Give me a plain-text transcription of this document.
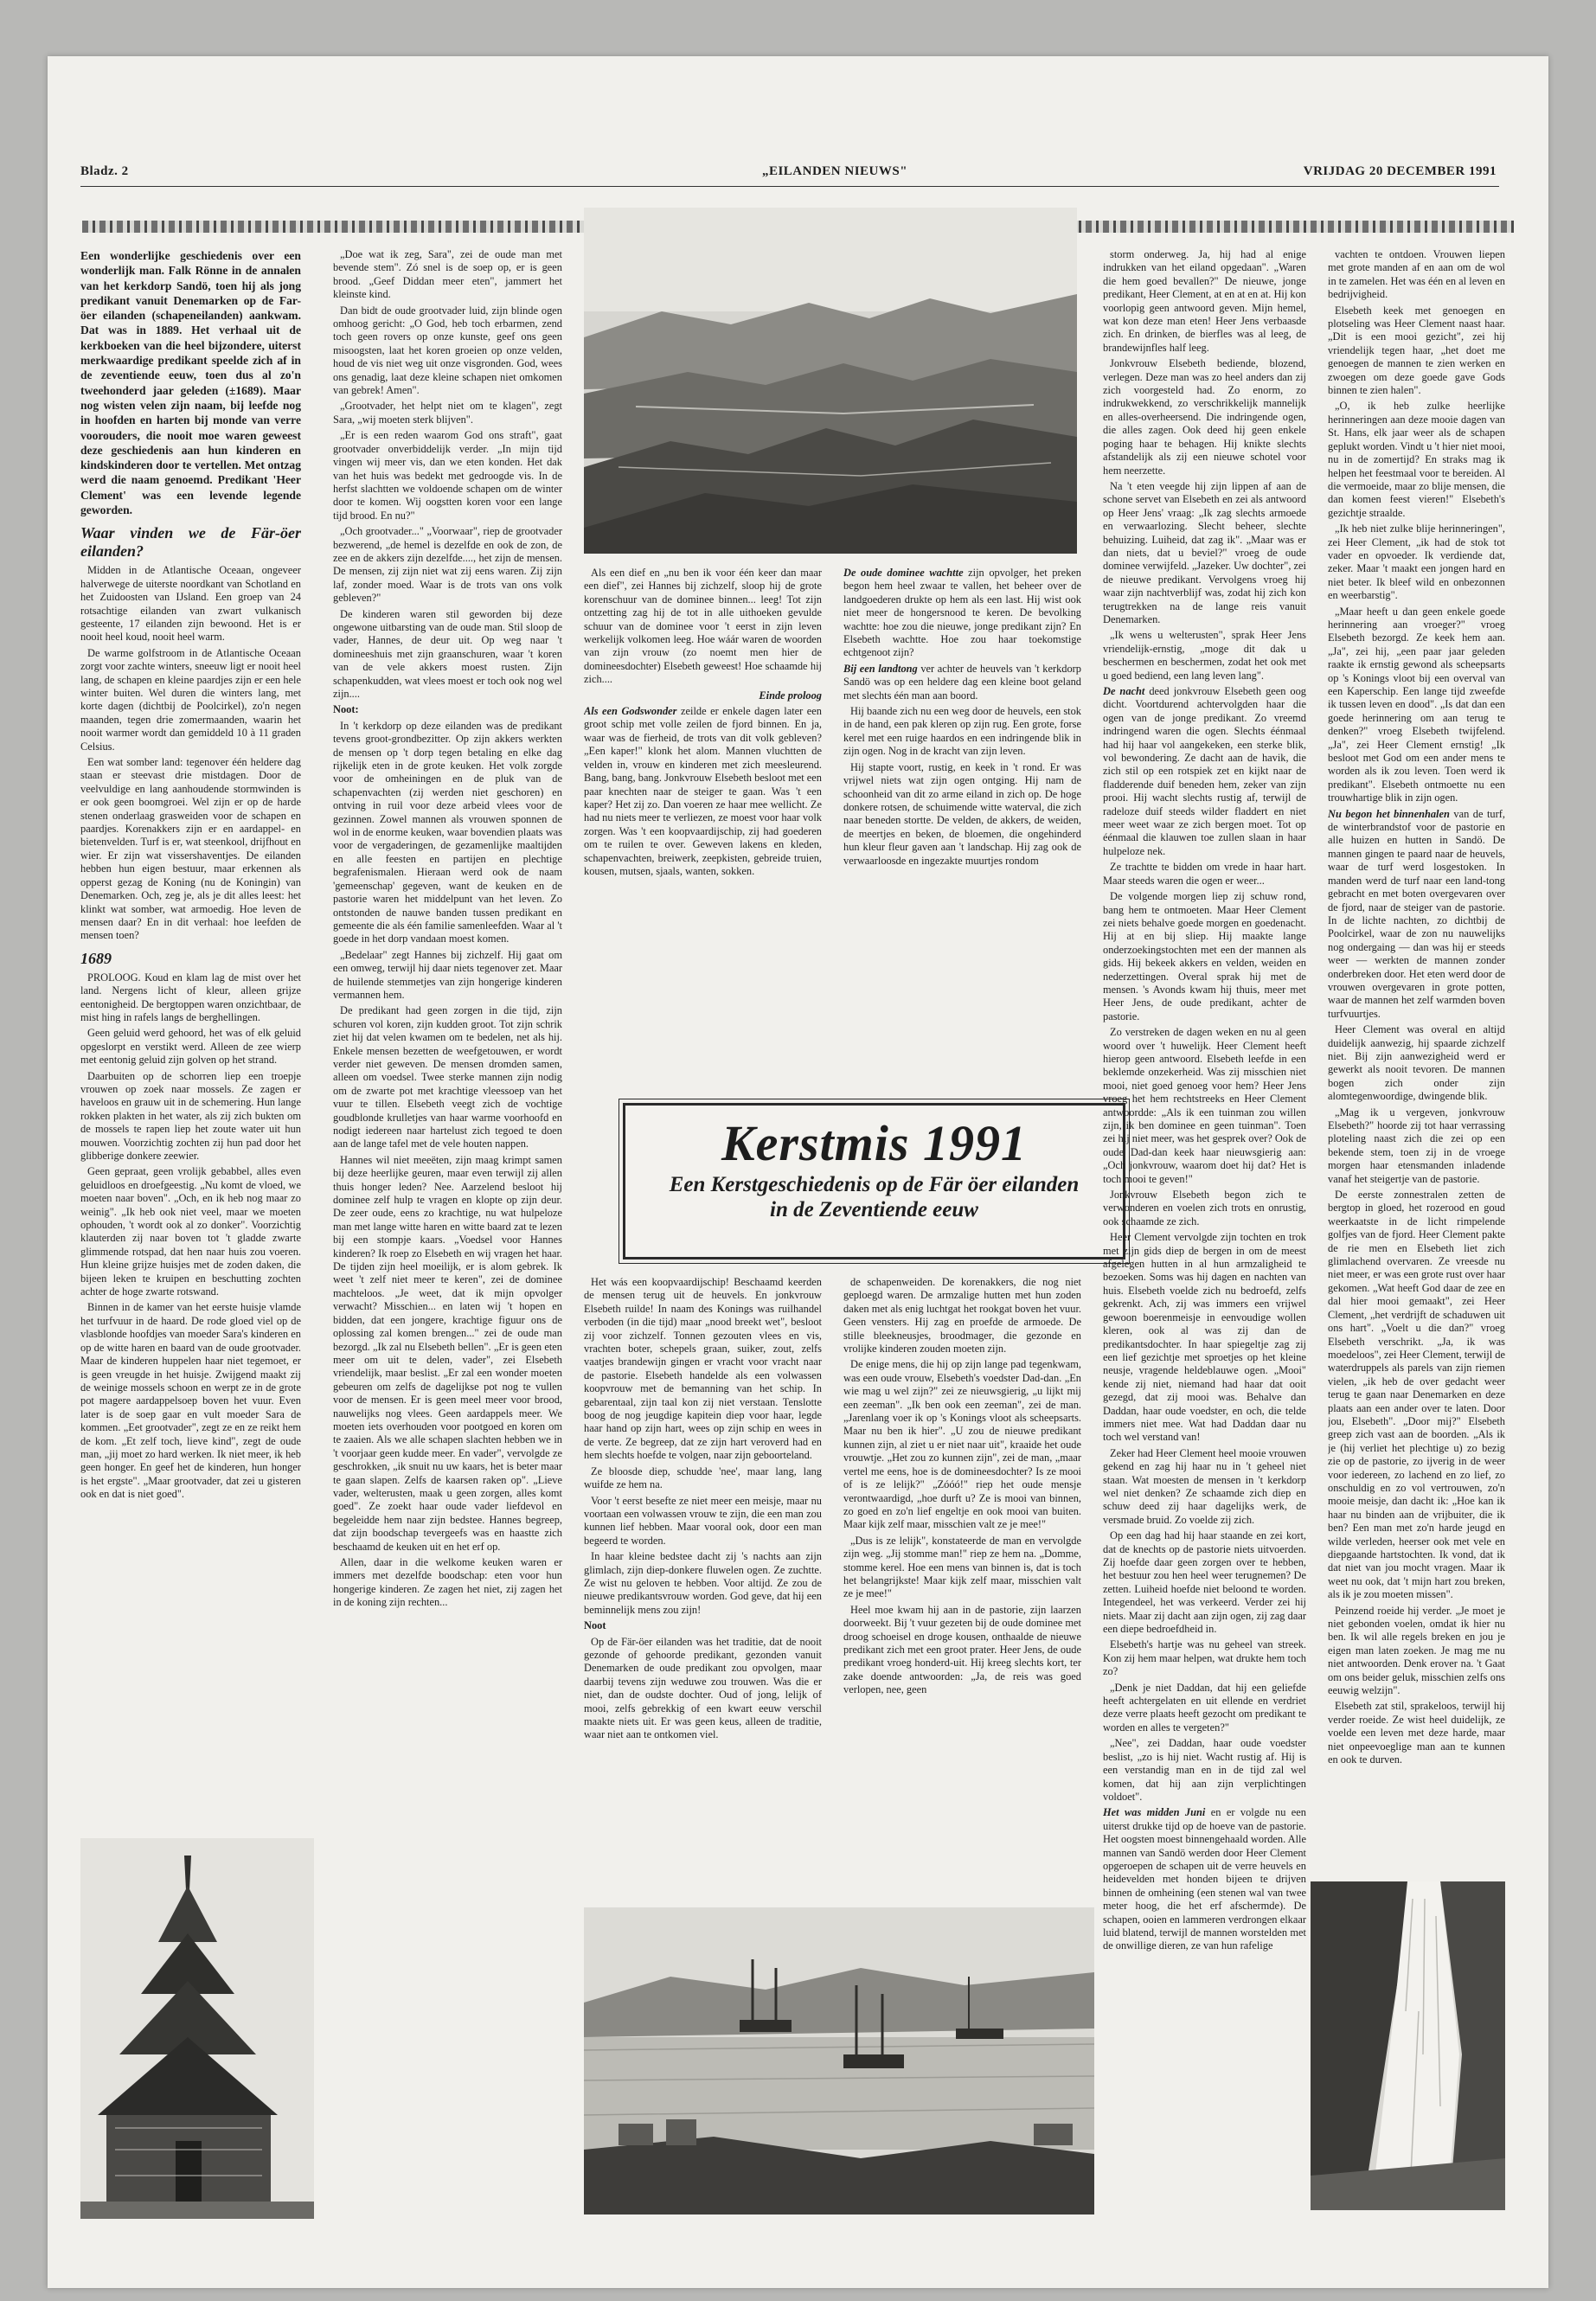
Bladz. 2	„EILANDEN NIEUWS"	VRIJDAG 20 DECEMBER 1991

Een wonderlijke geschiedenis over een wonderlijk man. Falk Rönne in de annalen van het kerkdorp Sandö, toen hij als jong predikant vanuit Denemarken op de Far-öer eilanden (schapeneilanden) aankwam. Dat was in 1889. Het verhaal uit de kerkboeken van die heel bijzondere, uiterst merkwaardige predikant speelde zich af in de zeventiende eeuw, toen dus al zo'n tweehonderd jaar geleden (±1689). Maar nog wisten velen zijn naam, bij leefde nog in hoofden en harten bij monde van verre voorouders, die nooit moe waren geweest deze geschiedenis aan hun kinderen en kindskinderen door te vertellen. Met ontzag werd die naam genoemd. Predikant 'Heer Clement' was een levende legende geworden.

Waar vinden we de Fär-öer eilanden?

Midden in de Atlantische Oceaan, ongeveer halverwege de uiterste noordkant van Schotland en het Zuidoosten van IJsland. Een groep van 24 rotsachtige eilanden van zwart vulkanisch gesteente, 17 eilanden zijn bewoond. Het is er nooit heel koud, nooit heel warm.

De warme golfstroom in de Atlantische Oceaan zorgt voor zachte winters, sneeuw ligt er nooit heel lang, de schapen en kleine paardjes zijn er een hele winter buiten. Wel duren die winters lang, met korte dagen (dichtbij de Poolcirkel), zo'n negen maanden, tegen drie zomermaanden, waarin het nooit warmer wordt dan gemiddeld 10 à 11 graden Celsius.

Een wat somber land: tegenover één heldere dag staan er steevast drie mistdagen. Door de veelvuldige en lang aanhoudende stormwinden is er ook geen boomgroei. Wel zijn er op de harde stenen onderlaag grasweiden voor de schapen en paardjes. Korenakkers zijn er en aardappel- en bietenvelden. Turf is er, wat steenkool, drijfhout en wier. Er zijn wat vissershaventjes. De eilanden hebben hun eigen bestuur, maar erkennen als opperst gezag de Koning (nu de Koningin) van Denemarken. Och, zeg je, als je dit alles leest: het klinkt wat somber, wat armoedig. Hoe leven de mensen daar? En in dit verhaal: hoe leefden de mensen toen?

1689

PROLOOG. Koud en klam lag de mist over het land. Nergens licht of kleur, alleen grijze eentonigheid. De bergtoppen waren onzichtbaar, de mist hing in rafels langs de berghellingen.

Geen geluid werd gehoord, het was of elk geluid opgeslorpt en verstikt werd. Alleen de zee wierp met eentonig geluid zijn golven op het strand.

Daarbuiten op de schorren liep een troepje vrouwen op zoek naar mossels. Ze zagen er haveloos en grauw uit in de schemering. Hun lange rokken plakten in het water, als zij zich bukten om de mossels te rapen liep het zoute water uit hun mouwen. Voorzichtig zochten zij hun pad door het glibberige donkere zeewier.

Geen gepraat, geen vrolijk gebabbel, alles even geluidloos en droefgeestig. „Nu komt de vloed, we moeten naar boven". „Och, en ik heb nog maar zo weinig". „Ik heb ook niet veel, maar we moeten ophouden, 't wordt ook al zo donker". Voorzichtig klauterden zij naar boven tot 't gladde zwarte glimmende rotspad, dat hen naar huis zou voeren. Hun kleine grijze huisjes met de zoden daken, die bijeen leken te kruipen en beschutting zochten achter de hoge zwarte rotswand.

Binnen in de kamer van het eerste huisje vlamde het turfvuur in de haard. De rode gloed viel op de vlasblonde hoofdjes van moeder Sara's kinderen en op de witte haren en baard van de oude grootvader. Maar de kinderen huppelen haar niet tegemoet, er is geen vreugde in het huisje. Zwijgend maakt zij de weinige mossels schoon en werpt ze in de grote pot magere aardappelsoep boven het vuur. Even later is de soep gaar en vult moeder Sara de kommen. „Eet grootvader", zegt ze en ze reikt hem de kom. „Et zelf toch, lieve kind", zegt de oude man, „jij moet zo hard werken. Ik niet meer, ik heb geen honger. En geef het de kinderen, hun honger is het ergste". „Maar grootvader, dat zei u gisteren ook en dat is niet goed".

„Doe wat ik zeg, Sara", zei de oude man met bevende stem". Zó snel is de soep op, er is geen brood. „Geef Diddan meer eten", jammert het kleinste kind.

Dan bidt de oude grootvader luid, zijn blinde ogen omhoog gericht: „O God, heb toch erbarmen, zend toch geen rovers op onze kunste, geef ons geen misoogsten, laat het koren groeien op onze velden, houd de vis niet weg uit onze visgronden. God, wees ons genadig, laat deze kleine schapen niet omkomen van gebrek! Amen".

„Grootvader, het helpt niet om te klagen", zegt Sara, „wij moeten sterk blijven".

„Er is een reden waarom God ons straft", gaat grootvader onverbiddelijk verder. „In mijn tijd vingen wij meer vis, dan we eten konden. Het dak van het huis was bedekt met gedroogde vis. In de herfst slachtten we voldoende schapen om de winter door te komen. Wij oogstten koren voor een lange tijd brood. En nu?"

„Och grootvader..." „Voorwaar", riep de grootvader bezwerend, „de hemel is dezelfde en ook de zon, de zee en de akkers zijn dezelfde...., het zijn de mensen. De mensen, zij zijn niet wat zij eens waren. Zij zijn laf, zonder moed. Waar is de trots van ons volk gebleven?"

De kinderen waren stil geworden bij deze ongewone uitbarsting van de oude man. Stil sloop de vader, Hannes, de deur uit. Op weg naar 't domineeshuis met zijn graanschuren, waar 't koren van de vele akkers moest rusten. Zijn schapenkudden, wat vlees moest er toch ook nog wel zijn....

Noot:

In 't kerkdorp op deze eilanden was de predikant tevens groot-grondbezitter. Op zijn akkers werkten de mensen op 't dorp tegen betaling en elke dag rijkelijk eten in de grote keuken. Het volk zorgde voor de omheiningen en de pluk van de schapenvachten (zij werden niet geschoren) en ontving in ruil voor deze arbeid vlees voor de gezinnen. Zowel mannen als vrouwen sponnen de wol in de enorme keuken, waar bovendien plaats was voor de vergaderingen, de gezamenlijke maaltijden en alle feesten en partijen en plechtige begrafenismalen. Hieraan werd ook de naam 'gemeenschap' gegeven, want de keuken en de pastorie waren het middelpunt van het leven. Zo ontstonden de nauwe banden tussen predikant en gemeente die als één familie samenleefden. Waar al 't goede in het dorp vandaan moest komen.

„Bedelaar" zegt Hannes bij zichzelf. Hij gaat om een omweg, terwijl hij daar niets tegenover zet. Maar de huilende stemmetjes van zijn hongerige kinderen vermannen hem.

De predikant had geen zorgen in die tijd, zijn schuren vol koren, zijn kudden groot. Tot zijn schrik ziet hij dat velen kwamen om te bedelen, net als hij. Enkele mensen bezetten de weefgetouwen, er wordt verder niet geweven. De mensen dromden samen, alleen om voedsel. Twee sterke mannen zijn nodig om de zwarte pot met krachtige vleessoep van het vuur te tillen. Elsebeth veegt zich de vochtige goudblonde krulletjes van haar warme voorhoofd en nodigt iedereen naar hartelust zich tegoed te doen aan de lange tafel met de vele houten nappen.

Hannes wil niet meeëten, zijn maag krimpt samen bij deze heerlijke geuren, maar even terwijl zij allen thuis honger leden? Nee. Aarzelend besloot hij dominee zelf hulp te vragen en klopte op zijn deur. De zeer oude, eens zo krachtige, nu wat hulpeloze man met lange witte haren en witte baard zat te lezen bij een stompje kaars. „Voedsel voor Hannes kinderen? Ik roep zo Elsebeth en wij vragen het haar. De tijden zijn heel moeilijk, er is alom gebrek. Ik weet 't zelf niet meer te keren", zei de dominee machteloos. „Je weet, dat ik mijn opvolger verwacht? Misschien... en laten wij 't hopen en bidden, dat een jongere, krachtige figuur ons de oplossing zal komen brengen..." zei de oude man bezorgd. „Ik zal nu Elsebeth bellen". „Er is geen eten meer om uit te delen, vader", zei Elsebeth vriendelijk, maar beslist. „Er zal een wonder moeten gebeuren om zelfs de dagelijkse pot nog te vullen voor de mensen. Er is geen meel meer voor brood, nauwelijks nog vlees. Geen aardappels meer. We moeten iets overhouden voor pootgoed en koren om te zaaien. Als we alle schapen slachten hebben we in 't voorjaar geen kudde meer. En vader", vervolgde ze geschrokken, „ik snuit nu uw kaars, het is beter maar te gaan slapen. Zelfs de kaarsen raken op". „Lieve vader, welterusten, maak u geen zorgen, alles komt goed". Ze zoekt haar oude vader liefdevol en begeleidde hem naar zijn bedstee. Hannes begreep, dat zijn boodschap tevergeefs was en haastte zich beschaamd de keuken uit en het erf op.

Allen, daar in die welkome keuken waren er immers met dezelfde boodschap: eten voor hun hongerige kinderen. Ze zagen het niet, zij zagen het in de koning zijn rechten...

Als een dief en „nu ben ik voor één keer dan maar een dief", zei Hannes bij zichzelf, sloop hij de grote korenschuur van de dominee binnen... leeg! Tot zijn ontzetting zag hij de tot in alle uithoeken gevulde schuur van de dominee voor 't eerst in zijn leven werkelijk volkomen leeg. Hoe wáár waren de woorden van zijn vrouw (zo noemt men hier de domineesdochter) Elsebeth geweest! Hoe schaamde hij zich....

Einde proloog

Als een Godswonder zeilde er enkele dagen later een groot schip met volle zeilen de fjord binnen. En ja, waar was de fierheid, de trots van dit volk gebleven? „Een kaper!" klonk het alom. Mannen vluchtten de velden in, vrouw en kinderen met zich meesleurend. Bang, bang, bang. Jonkvrouw Elsebeth besloot met een paar knechten naar de steiger te gaan. Was 't een kaper? Het zij zo. Dan voeren ze haar mee wellicht. Ze had nu niets meer te verliezen, ze moest voor haar volk zorgen. Was 't een koopvaardijschip, zij had goederen om te ruilen te over. Geweven lakens en kleden, schapenvachten, breiwerk, zeepkisten, gebreide truien, kousen, mutsen, sjaals, wanten, sokken.

De oude dominee wachtte zijn opvolger, het preken begon hem heel zwaar te vallen, het beheer over de landgoederen drukte op hem als een last. Hij wist ook niet meer de hongersnood te keren. De bevolking wachtte: hoe zou die nieuwe, jonge predikant zijn? En Elsebeth wachtte. Hoe zou haar toekomstige echtgenoot zijn?

Bij een landtong ver achter de heuvels van 't kerkdorp Sandö was op een heldere dag een kleine boot geland met slechts één man aan boord.

Hij baande zich nu een weg door de heuvels, een stok in de hand, een pak kleren op zijn rug. Een grote, forse kerel met een ruige haardos en een indringende blik in zijn ogen. Nog in de kracht van zijn leven.

Hij stapte voort, rustig, en keek in 't rond. Er was vrijwel niets wat zijn ogen ontging. Hij nam de schoonheid van dit zo arme eiland in zich op. De hoge donkere rotsen, de schuimende witte waterval, die zich naar beneden stortte. De velden, de akkers, de weiden, de meertjes en beken, de bloemen, die ongehinderd hun kleur fleur gaven aan 't landschap. Hij zag ook de verwaarloosde en ingezakte muurtjes rondom

Kerstmis 1991
Een Kerstgeschiedenis op de Fär öer eilanden
in de Zeventiende eeuw

Het wás een koopvaardijschip! Beschaamd keerden de mensen terug uit de heuvels. En jonkvrouw Elsebeth ruilde! In naam des Konings was ruilhandel verboden (in die tijd) maar „nood breekt wet", besloot zij voor zichzelf. Tonnen gezouten vlees en vis, vrachten boter, schepels graan, suiker, zout, zelfs vaatjes brandewijn gingen er vracht voor vracht naar de pastorie. Elsebeth handelde als een volwassen koopvrouw met de bemanning van het schip. In gebarentaal, zijn taal kon zij niet verstaan. Tenslotte boog de nog jeugdige kapitein diep voor haar, legde haar hand op zijn hart, wees op zijn schip en wees in de verte. Ze begreep, dat ze zijn hart veroverd had en hem slechts hoefde te volgen, naar zijn geboorteland.

Ze bloosde diep, schudde 'nee', maar lang, lang wuifde ze hem na.

Voor 't eerst besefte ze niet meer een meisje, maar nu voortaan een volwassen vrouw te zijn, die een man zou kunnen lief hebben. Maar vooral ook, door een man begeerd te worden.

In haar kleine bedstee dacht zij 's nachts aan zijn glimlach, zijn diep-donkere fluwelen ogen. Ze zuchtte. Ze wist nu geloven te hebben. Voor altijd. Ze zou de nieuwe predikantsvrouw worden. God geve, dat hij een beminnelijk mens zou zijn!

Noot

Op de Fär-öer eilanden was het traditie, dat de nooit gezonde of gehoorde predikant, gezonden vanuit Denemarken de oude predikant zou opvolgen, maar daarbij tevens zijn weduwe zou trouwen. Was die er niet, dan de oudste dochter. Oud of jong, lelijk of mooi, zelfs gebrekkig of een kwart eeuw verschil maakte niets uit. Er was geen keus, alleen de traditie, waar niet aan te ontkomen viel.

de schapenweiden. De korenakkers, die nog niet geploegd waren. De armzalige hutten met hun zoden daken met als enig luchtgat het rookgat boven het vuur. Geen vensters. Hij zag en proefde de armoede. De stille bleekneusjes, broodmager, die gezonde en vrolijke kinderen zouden moeten zijn.

De enige mens, die hij op zijn lange pad tegenkwam, was een oude vrouw, Elsebeth's voedster Dad-dan. „En wie mag u wel zijn?" zei ze nieuwsgierig, „u lijkt mij een zeeman". „Ik ben ook een zeeman", zei de man. „Jarenlang voer ik op 's Konings vloot als scheepsarts. Maar nu ben ik hier". „U zou de nieuwe predikant kunnen zijn, al ziet u er niet naar uit", kraaide het oude vrouwtje. „Het zou zo kunnen zijn", zei de man, „maar vertel me eens, hoe is de domineesdochter? Is ze mooi of is ze lelijk?" „Zóóó!" riep het oude mensje verontwaardigd, „hoe durft u? Ze is mooi van binnen, zo goed en zo'n lief engeltje en ook mooi van buiten. Maar kijk zelf maar, misschien valt ze je mee!"

„Dus is ze lelijk", konstateerde de man en vervolgde zijn weg. „Jij stomme man!" riep ze hem na. „Domme, stomme kerel. Hoe een mens van binnen is, dat is toch het belangrijkste! Maar kijk zelf maar, misschien valt ze je mee!"

Heel moe kwam hij aan in de pastorie, zijn laarzen doorweekt. Bij 't vuur gezeten bij de oude dominee met droog schoeisel en droge kousen, onthaalde de nieuwe predikant zich met een groot prater. Heer Jens, de oude predikant vroeg honderd-uit. Hij kreeg slechts kort, ter zake doende antwoorden: „Ja, de reis was goed verlopen, nee, geen

storm onderweg. Ja, hij had al enige indrukken van het eiland opgedaan". „Waren die hem goed bevallen?" De nieuwe, jonge predikant, Heer Clement, at en at en at. Hij kon voorlopig geen antwoord geven. Mijn hemel, wat kon deze man eten! Heer Jens verbaasde zich. En drinken, de bierfles was al leeg, de brandewijnfles half leeg.

Jonkvrouw Elsebeth bediende, blozend, verlegen. Deze man was zo heel anders dan zij zich voorgesteld had. Zo enorm, zo indrukwekkend, zo verschrikkelijk mannelijk en alles-overheersend. Die indringende ogen, die alles zagen. Ook deed hij geen enkele poging haar te behagen. Hij knikte slechts afstandelijk als zij een nieuwe schotel voor hem neerzette.

Na 't eten veegde hij zijn lippen af aan de schone servet van Elsebeth en zei als antwoord op Heer Jens' vraag: „Ik zag slechts armoede en verwaarlozing. Slecht beheer, slechte behuizing. Luiheid, dat zag ik". „Maar was er dan niets, dat u beviel?" vroeg de oude dominee verwijfeld. „Jazeker. Uw dochter", zei de nieuwe predikant. Vervolgens vroeg hij waar zijn nachtverblijf was, zodat hij zich kon terugtrekken na de lange reis vanuit Denemarken.

„Ik wens u welterusten", sprak Heer Jens vriendelijk-ernstig, „moge dit dak u beschermen en beschermen, zodat het ook met u goed bediend, een lang leven lang".

De nacht deed jonkvrouw Elsebeth geen oog dicht. Voortdurend achtervolgden haar die ogen van de jonge predikant. Zo vreemd indringend waren die ogen. Slechts éénmaal had hij haar vol aangekeken, een sterke blik, vol bewondering. Ze dacht aan de havik, die zich stil op een rotspiek zet en kijkt naar de fladderende duif beneden hem, zeker van zijn prooi. Hij wacht slechts rustig af, terwijl de radeloze duif steeds wilder fladdert en niet meer weet waar ze zich bergen moet. Tot op éénmaal die klauwen toe zullen slaan in haar hulpeloze nek.

Ze trachtte te bidden om vrede in haar hart. Maar steeds waren die ogen er weer...

De volgende morgen liep zij schuw rond, bang hem te ontmoeten. Maar Heer Clement zei niets behalve goede morgen en goedenacht. Hij at en bij sliep. Hij maakte lange onderzoekingstochten met een der mannen als gids. Hij bekeek akkers en velden, weiden en nederzettingen. Overal sprak hij met de mensen. 's Avonds kwam hij thuis, meer met Heer Jens, de oude predikant, achter de pastorie.

Zo verstreken de dagen weken en nu al geen woord over 't huwelijk. Heer Clement heeft hierop geen antwoord. Elsebeth leefde in een beklemde onzekerheid. Was zij misschien niet mooi, niet goed genoeg voor hem? Heer Jens vroeg het hem rechtstreeks en Heer Clement antwoordde: „Als ik een tuinman zou willen zijn, ik ben dominee en geen tuinman". Toen zei hij niet meer, was het gesprek over? Ook de oude Dad-dan keek haar nieuwsgierig aan: „Och jonkvrouw, waarom doet hij dat? Het is toch mooi te geven!"

Jonkvrouw Elsebeth begon zich te verwonderen en voelen zich trots en onrustig, ook schaamde ze zich.

Heer Clement vervolgde zijn tochten en trok met zijn gids diep de bergen in om de meest afgelegen hutten in al hun armzaligheid te bezoeken. Soms was hij dagen en nachten van huis. Elsebeth voelde zich nu bedroefd, zelfs gekrenkt. Ach, zij was immers een vrijwel gewoon boerenmeisje in eenvoudige wollen kleren, ook al was zij dan de predikantsdochter. In haar spiegeltje zag zij een lief gezichtje met sproetjes op het kleine neusje, vragende heldeblauwe ogen. „Mooi" kende zij niet, niemand had haar dat ooit gezegd, dat zij mooi was. Behalve dan Daddan, haar oude voedster, en och, die telde immers niet mee. Wat had Daddan daar nu toch wel verstand van!

Zeker had Heer Clement heel mooie vrouwen gekend en zag hij haar nu in 't geheel niet staan. Wat moesten de mensen in 't kerkdorp wel niet denken? Ze schaamde zich diep en schuw deed zij haar dagelijks werk, de versmade bruid. Zo voelde zij zich.

Op een dag had hij haar staande en zei kort, dat de knechts op de pastorie niets uitvoerden. Zij hoefde daar geen zorgen over te hebben, het bestuur zou hen heel weer terugnemen? De zetten. Luiheid hoefde niet beloond te worden. Integendeel, het was verkeerd. Verder zei hij niets. Maar zij dacht aan zijn ogen, zij zag daar een diepe bedroefdheid in.

Elsebeth's hartje was nu geheel van streek. Kon zij hem maar helpen, wat drukte hem toch zo?

„Denk je niet Daddan, dat hij een geliefde heeft achtergelaten en uit ellende en verdriet deze verre plaats heeft gezocht om predikant te worden en alles te vergeten?"

„Nee", zei Daddan, haar oude voedster beslist, „zo is hij niet. Wacht rustig af. Hij is een verstandig man en in de tijd zal wel komen, dat hij aan zijn verplichtingen voldoet".

Het was midden Juni en er volgde nu een uiterst drukke tijd op de hoeve van de pastorie. Het oogsten moest binnengehaald worden. Alle mannen van Sandö werden door Heer Clement opgeroepen de schapen uit de verre heuvels en heidevelden met honden bijeen te drijven binnen de omheining (een stenen wal van twee meter hoog, die het erf afschermde). De schapen, ooien en lammeren verdrongen elkaar luid blatend, terwijl de mannen worstelden met de onwillige dieren, ze van hun rafelige

vachten te ontdoen. Vrouwen liepen met grote manden af en aan om de wol in te zamelen. Het was één en al leven en bedrijvigheid.

Elsebeth keek met genoegen en plotseling was Heer Clement naast haar. „Dit is een mooi gezicht", zei hij vriendelijk tegen haar, „het doet me genoegen de mannen te zien werken en zwoegen om deze goede gave Gods binnen te zien halen".

„O, ik heb zulke heerlijke herinneringen aan deze mooie dagen van St. Hans, elk jaar weer als de schapen geplukt worden. Vindt u 't hier niet mooi, nu in de zomertijd? En straks mag ik helpen het feestmaal voor te bereiden. Al die vermoeide, maar zo blije mensen, die dan komen feest vieren!" Elsebeth's gezichtje straalde.

„Ik heb niet zulke blije herinneringen", zei Heer Clement, „ik had de stok tot vader en opvoeder. Ik verdiende dat, zeker. Maar 't maakt een jongen hard en niet beter. Ik bleef wild en onbezonnen en weerbarstig".

„Maar heeft u dan geen enkele goede herinnering aan vroeger?" vroeg Elsebeth bezorgd. Ze keek hem aan. „Ja", zei hij, „een paar jaar geleden raakte ik ernstig gewond als scheepsarts op 's Konings vloot bij een overval van een Kaperschip. Een lange tijd zweefde ik tussen leven en dood". „Is dat dan een goede herinnering om aan terug te denken?" vroeg Elsebeth twijfelend. „Ja", zei Heer Clement ernstig! „Ik besloot met God om een ander mens te worden als ik zou leven. Toen werd ik predikant". Elsebeth ontmoette nu een trouwhartige blik in zijn ogen.

Nu begon het binnenhalen van de turf, de winterbrandstof voor de pastorie en alle huizen en hutten in Sandö. De mannen gingen te paard naar de heuvels, waar de turf werd losgestoken. In manden werd de turf naar een land-tong gebracht en met boten overgevaren over de fjord, naar de steiger van de pastorie. In de lichte nachten, zo dichtbij de Poolcirkel, waar de zon nu nauwelijks nog ondergaing — dan was hij er steeds weer — werkten de mannen zonder onderbreken door. Het eten werd door de vrouwen overgevaren in grote potten, waar de mannen het zelf warmden boven turfvuurtjes.

Heer Clement was overal en altijd duidelijk aanwezig, hij spaarde zichzelf niet. Bij zijn aanwezigheid werd er gewerkt als nooit tevoren. De mannen bogen zich onder zijn alomtegenwoordige, dwingende blik.

„Mag ik u vergeven, jonkvrouw Elsebeth?" hoorde zij tot haar verrassing ploteling naast zich die zei op een bekende stem, toen zij in de vroege morgen haar etensmanden inladende vanaf het steigertje van de pastorie.

De eerste zonnestralen zetten de bergtop in gloed, het rozerood en goud weerkaatste in de licht rimpelende golfjes van de fjord. Heer Clement pakte de rie men en Elsebeth liet zich glimlachend overvaren. Ze vreesde nu niet meer, er was een grote rust over haar gekomen. „Wat heeft God daar de zee en dal hier mooi gemaakt", zei Heer Clement, „het verdrijft de schaduwen uit ons hart". „Voelt u die dan?" vroeg Elsebeth verschrikt. „Ja, ik was moedeloos", zei Heer Clement, terwijl de waterdruppels als parels van zijn riemen vielen, „ik heb de over gedacht weer terug te gaan naar Denemarken en deze plaats aan een ander over te laten. Door jou, Elsebeth". „Door mij?" Elsebeth greep zich vast aan de boorden. „Als ik je (hij verliet het plechtige u) zo bezig zie op de pastorie, zo ijverig in de weer voor iedereen, zo lachend en zo lief, zo onschuldig en zo vol vertrouwen, zo'n mooie meisje, dan dacht ik: „Hoe kan ik haar nu binden aan de vrijbuiter, die ik ben? Een man met zo'n harde jeugd en wilde verleden, heerser ook met vele en diepgaande hartstochten. Ik vond, dat ik dat niet van jou mocht vragen. Maar ik weet nu ook, dat 't mijn hart zou breken, als ik je zou moeten missen".

Peinzend roeide hij verder. „Je moet je niet gebonden voelen, omdat ik hier nu ben. Ik wil alle regels breken en jou je eigen man laten zoeken. Je mag me nu niet antwoorden. Denk erover na. 't Gaat om ons beider geluk, misschien zelfs ons eeuwig welzijn".

Elsebeth zat stil, sprakeloos, terwijl hij verder roeide. Ze wist heel duidelijk, ze voelde een leven met deze harde, maar niet onpeevoeglige man aan te kunnen en ook te durven.
